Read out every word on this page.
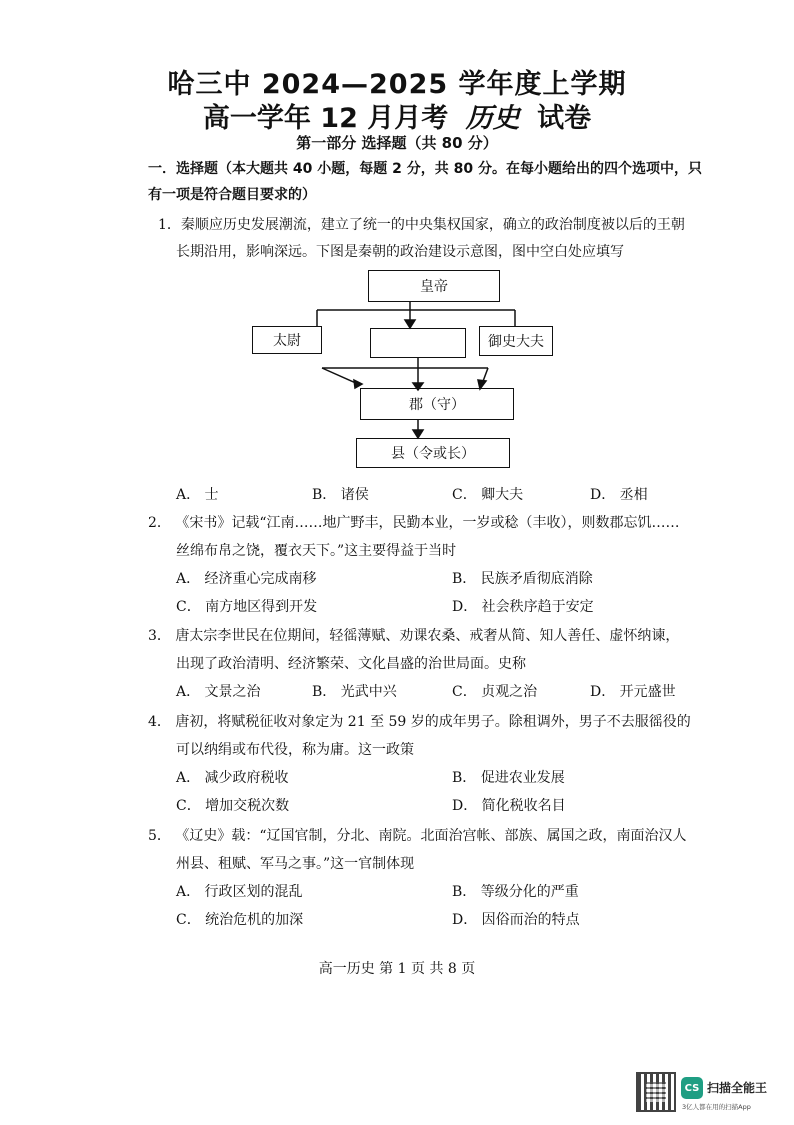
哈三中 2024—2025 学年度上学期
高一学年 12 月月考 历史 试卷
第一部分 选择题（共 80 分）
一．选择题（本大题共 40 小题，每题 2 分，共 80 分。在每小题给出的四个选项中，只
有一项是符合题目要求的）
1．秦顺应历史发展潮流，建立了统一的中央集权国家，确立的政治制度被以后的王朝
长期沿用，影响深远。下图是秦朝的政治建设示意图，图中空白处应填写
皇帝
太尉	御史大夫
郡（守）
县（令或长）
A． 士	B． 诸侯	C． 卿大夫	D． 丞相
2． 《宋书》记载“江南……地广野丰，民勤本业，一岁或稔（丰收），则数郡忘饥……
丝绵布帛之饶，覆衣天下。”这主要得益于当时
A． 经济重心完成南移	B． 民族矛盾彻底消除
C． 南方地区得到开发	D． 社会秩序趋于安定
3． 唐太宗李世民在位期间，轻徭薄赋、劝课农桑、戒奢从简、知人善任、虚怀纳谏，
出现了政治清明、经济繁荣、文化昌盛的治世局面。史称
A． 文景之治	B． 光武中兴	C． 贞观之治	D． 开元盛世
4． 唐初，将赋税征收对象定为 21 至 59 岁的成年男子。除租调外，男子不去服徭役的
可以纳绢或布代役，称为庸。这一政策
A． 减少政府税收	B． 促进农业发展
C． 增加交税次数	D． 简化税收名目
5． 《辽史》载：“辽国官制，分北、南院。北面治宫帐、部族、属国之政，南面治汉人
州县、租赋、军马之事。”这一官制体现
A． 行政区划的混乱	B． 等级分化的严重
C． 统治危机的加深	D． 因俗而治的特点
高一历史 第 1 页 共 8 页
CS 扫描全能王
3亿人都在用的扫描App
